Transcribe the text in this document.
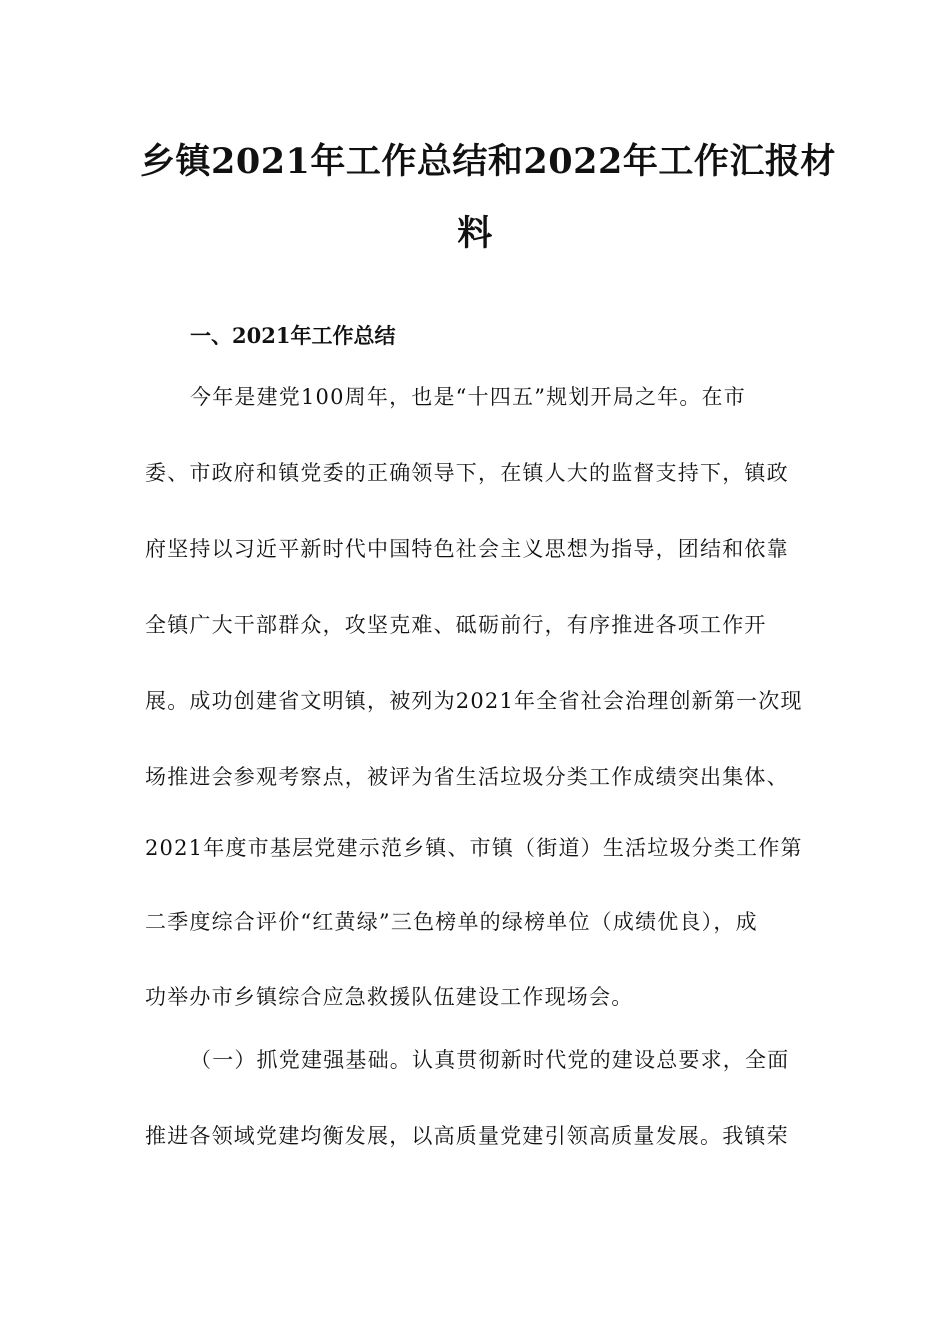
乡镇2021年工作总结和2022年工作汇报材
料
一、2021年工作总结

今年是建党100周年，也是“十四五”规划开局之年。在市

委、市政府和镇党委的正确领导下，在镇人大的监督支持下，镇政

府坚持以习近平新时代中国特色社会主义思想为指导，团结和依靠

全镇广大干部群众，攻坚克难、砥砺前行，有序推进各项工作开

展。成功创建省文明镇，被列为2021年全省社会治理创新第一次现

场推进会参观考察点，被评为省生活垃圾分类工作成绩突出集体、

2021年度市基层党建示范乡镇、市镇（街道）生活垃圾分类工作第

二季度综合评价“红黄绿”三色榜单的绿榜单位（成绩优良），成

功举办市乡镇综合应急救援队伍建设工作现场会。

（一）抓党建强基础。认真贯彻新时代党的建设总要求，全面

推进各领域党建均衡发展，以高质量党建引领高质量发展。我镇荣
